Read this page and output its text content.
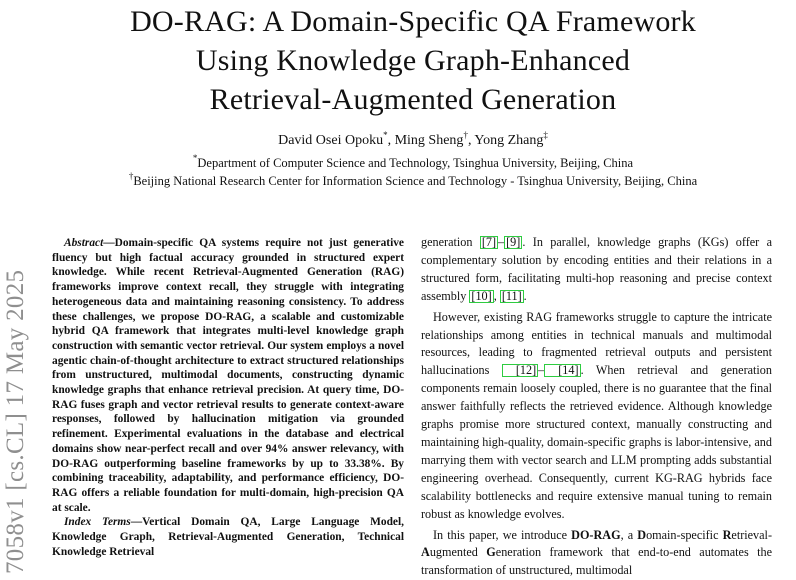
DO-RAG: A Domain-Specific QA Framework
Using Knowledge Graph-Enhanced
Retrieval-Augmented Generation
David Osei Opoku*, Ming Sheng†, Yong Zhang‡
*Department of Computer Science and Technology, Tsinghua University, Beijing, China
†Beijing National Research Center for Information Science and Technology - Tsinghua University, Beijing, China
7058v1 [cs.CL] 17 May 2025

Abstract—Domain-specific QA systems require not just generative fluency but high factual accuracy grounded in structured expert knowledge. While recent Retrieval-Augmented Generation (RAG) frameworks improve context recall, they struggle with integrating heterogeneous data and maintaining reasoning consistency. To address these challenges, we propose DO-RAG, a scalable and customizable hybrid QA framework that integrates multi-level knowledge graph construction with semantic vector retrieval. Our system employs a novel agentic chain-of-thought architecture to extract structured relationships from unstructured, multimodal documents, constructing dynamic knowledge graphs that enhance retrieval precision. At query time, DO-RAG fuses graph and vector retrieval results to generate context-aware responses, followed by hallucination mitigation via grounded refinement. Experimental evaluations in the database and electrical domains show near-perfect recall and over 94% answer relevancy, with DO-RAG outperforming baseline frameworks by up to 33.38%. By combining traceability, adaptability, and performance efficiency, DO-RAG offers a reliable foundation for multi-domain, high-precision QA at scale.

Index Terms—Vertical Domain QA, Large Language Model, Knowledge Graph, Retrieval-Augmented Generation, Technical Knowledge Retrieval

generation [7] – [9] . In parallel, knowledge graphs (KGs) offer a complementary solution by encoding entities and their relations in a structured form, facilitating multi-hop reasoning and precise context assembly [10] , [11] .

However, existing RAG frameworks struggle to capture the intricate relationships among entities in technical manuals and multimodal resources, leading to fragmented retrieval outputs and persistent hallucinations [12] – [14] . When retrieval and generation components remain loosely coupled, there is no guarantee that the final answer faithfully reflects the retrieved evidence. Although knowledge graphs promise more structured context, manually constructing and maintaining high-quality, domain-specific graphs is labor-intensive, and marrying them with vector search and LLM prompting adds substantial engineering overhead. Consequently, current KG-RAG hybrids face scalability bottlenecks and require extensive manual tuning to remain robust as knowledge evolves.

In this paper, we introduce DO-RAG, a Domain-specific Retrieval-Augmented Generation framework that end-to-end automates the transformation of unstructured, multimodal
